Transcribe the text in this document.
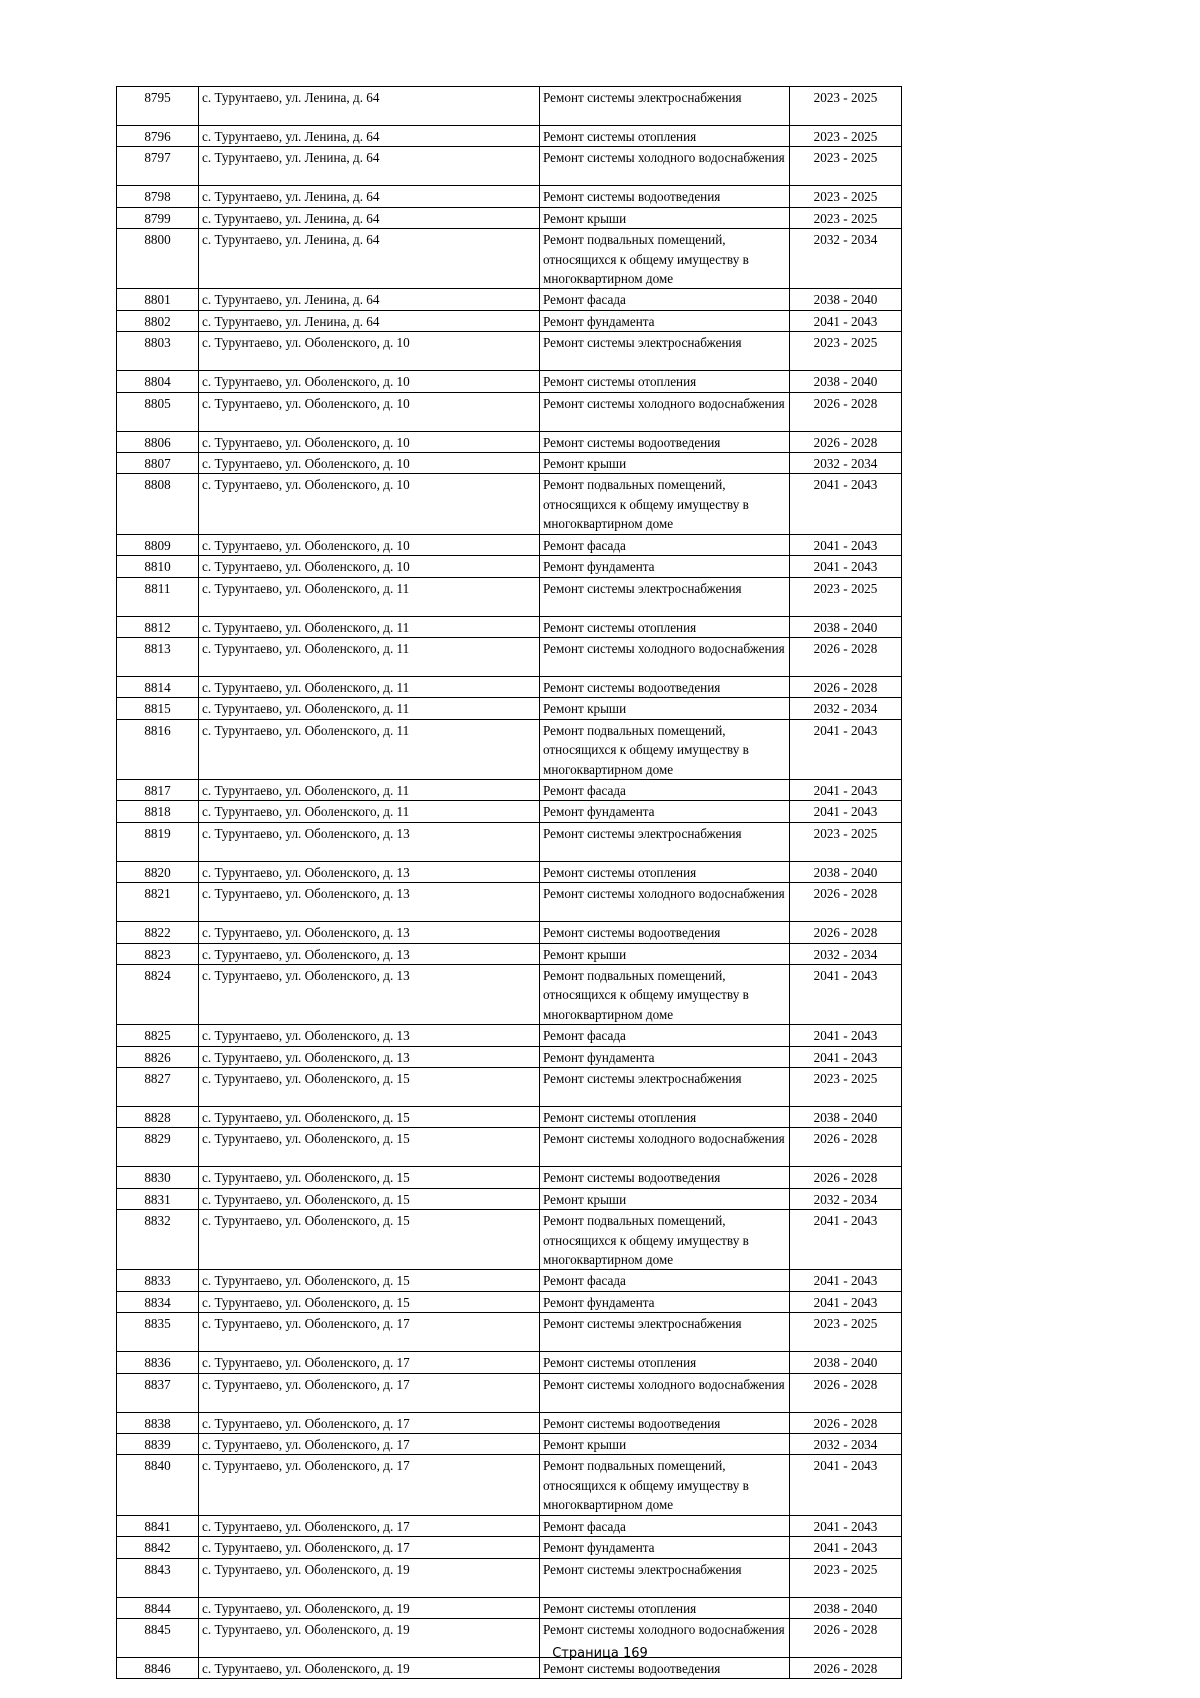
8795	с. Турунтаево, ул. Ленина, д. 64	Ремонт системы электроснабжения	2023 - 2025
8796	с. Турунтаево, ул. Ленина, д. 64	Ремонт системы отопления	2023 - 2025
8797	с. Турунтаево, ул. Ленина, д. 64	Ремонт системы холодного водоснабжения	2023 - 2025
8798	с. Турунтаево, ул. Ленина, д. 64	Ремонт системы водоотведения	2023 - 2025
8799	с. Турунтаево, ул. Ленина, д. 64	Ремонт крыши	2023 - 2025
8800	с. Турунтаево, ул. Ленина, д. 64	Ремонт подвальных помещений, относящихся к общему имуществу в многоквартирном доме	2032 - 2034
8801	с. Турунтаево, ул. Ленина, д. 64	Ремонт фасада	2038 - 2040
8802	с. Турунтаево, ул. Ленина, д. 64	Ремонт фундамента	2041 - 2043
8803	с. Турунтаево, ул. Оболенского, д. 10	Ремонт системы электроснабжения	2023 - 2025
8804	с. Турунтаево, ул. Оболенского, д. 10	Ремонт системы отопления	2038 - 2040
8805	с. Турунтаево, ул. Оболенского, д. 10	Ремонт системы холодного водоснабжения	2026 - 2028
8806	с. Турунтаево, ул. Оболенского, д. 10	Ремонт системы водоотведения	2026 - 2028
8807	с. Турунтаево, ул. Оболенского, д. 10	Ремонт крыши	2032 - 2034
8808	с. Турунтаево, ул. Оболенского, д. 10	Ремонт подвальных помещений, относящихся к общему имуществу в многоквартирном доме	2041 - 2043
8809	с. Турунтаево, ул. Оболенского, д. 10	Ремонт фасада	2041 - 2043
8810	с. Турунтаево, ул. Оболенского, д. 10	Ремонт фундамента	2041 - 2043
8811	с. Турунтаево, ул. Оболенского, д. 11	Ремонт системы электроснабжения	2023 - 2025
8812	с. Турунтаево, ул. Оболенского, д. 11	Ремонт системы отопления	2038 - 2040
8813	с. Турунтаево, ул. Оболенского, д. 11	Ремонт системы холодного водоснабжения	2026 - 2028
8814	с. Турунтаево, ул. Оболенского, д. 11	Ремонт системы водоотведения	2026 - 2028
8815	с. Турунтаево, ул. Оболенского, д. 11	Ремонт крыши	2032 - 2034
8816	с. Турунтаево, ул. Оболенского, д. 11	Ремонт подвальных помещений, относящихся к общему имуществу в многоквартирном доме	2041 - 2043
8817	с. Турунтаево, ул. Оболенского, д. 11	Ремонт фасада	2041 - 2043
8818	с. Турунтаево, ул. Оболенского, д. 11	Ремонт фундамента	2041 - 2043
8819	с. Турунтаево, ул. Оболенского, д. 13	Ремонт системы электроснабжения	2023 - 2025
8820	с. Турунтаево, ул. Оболенского, д. 13	Ремонт системы отопления	2038 - 2040
8821	с. Турунтаево, ул. Оболенского, д. 13	Ремонт системы холодного водоснабжения	2026 - 2028
8822	с. Турунтаево, ул. Оболенского, д. 13	Ремонт системы водоотведения	2026 - 2028
8823	с. Турунтаево, ул. Оболенского, д. 13	Ремонт крыши	2032 - 2034
8824	с. Турунтаево, ул. Оболенского, д. 13	Ремонт подвальных помещений, относящихся к общему имуществу в многоквартирном доме	2041 - 2043
8825	с. Турунтаево, ул. Оболенского, д. 13	Ремонт фасада	2041 - 2043
8826	с. Турунтаево, ул. Оболенского, д. 13	Ремонт фундамента	2041 - 2043
8827	с. Турунтаево, ул. Оболенского, д. 15	Ремонт системы электроснабжения	2023 - 2025
8828	с. Турунтаево, ул. Оболенского, д. 15	Ремонт системы отопления	2038 - 2040
8829	с. Турунтаево, ул. Оболенского, д. 15	Ремонт системы холодного водоснабжения	2026 - 2028
8830	с. Турунтаево, ул. Оболенского, д. 15	Ремонт системы водоотведения	2026 - 2028
8831	с. Турунтаево, ул. Оболенского, д. 15	Ремонт крыши	2032 - 2034
8832	с. Турунтаево, ул. Оболенского, д. 15	Ремонт подвальных помещений, относящихся к общему имуществу в многоквартирном доме	2041 - 2043
8833	с. Турунтаево, ул. Оболенского, д. 15	Ремонт фасада	2041 - 2043
8834	с. Турунтаево, ул. Оболенского, д. 15	Ремонт фундамента	2041 - 2043
8835	с. Турунтаево, ул. Оболенского, д. 17	Ремонт системы электроснабжения	2023 - 2025
8836	с. Турунтаево, ул. Оболенского, д. 17	Ремонт системы отопления	2038 - 2040
8837	с. Турунтаево, ул. Оболенского, д. 17	Ремонт системы холодного водоснабжения	2026 - 2028
8838	с. Турунтаево, ул. Оболенского, д. 17	Ремонт системы водоотведения	2026 - 2028
8839	с. Турунтаево, ул. Оболенского, д. 17	Ремонт крыши	2032 - 2034
8840	с. Турунтаево, ул. Оболенского, д. 17	Ремонт подвальных помещений, относящихся к общему имуществу в многоквартирном доме	2041 - 2043
8841	с. Турунтаево, ул. Оболенского, д. 17	Ремонт фасада	2041 - 2043
8842	с. Турунтаево, ул. Оболенского, д. 17	Ремонт фундамента	2041 - 2043
8843	с. Турунтаево, ул. Оболенского, д. 19	Ремонт системы электроснабжения	2023 - 2025
8844	с. Турунтаево, ул. Оболенского, д. 19	Ремонт системы отопления	2038 - 2040
8845	с. Турунтаево, ул. Оболенского, д. 19	Ремонт системы холодного водоснабжения	2026 - 2028
8846	с. Турунтаево, ул. Оболенского, д. 19	Ремонт системы водоотведения	2026 - 2028
Страница 169
